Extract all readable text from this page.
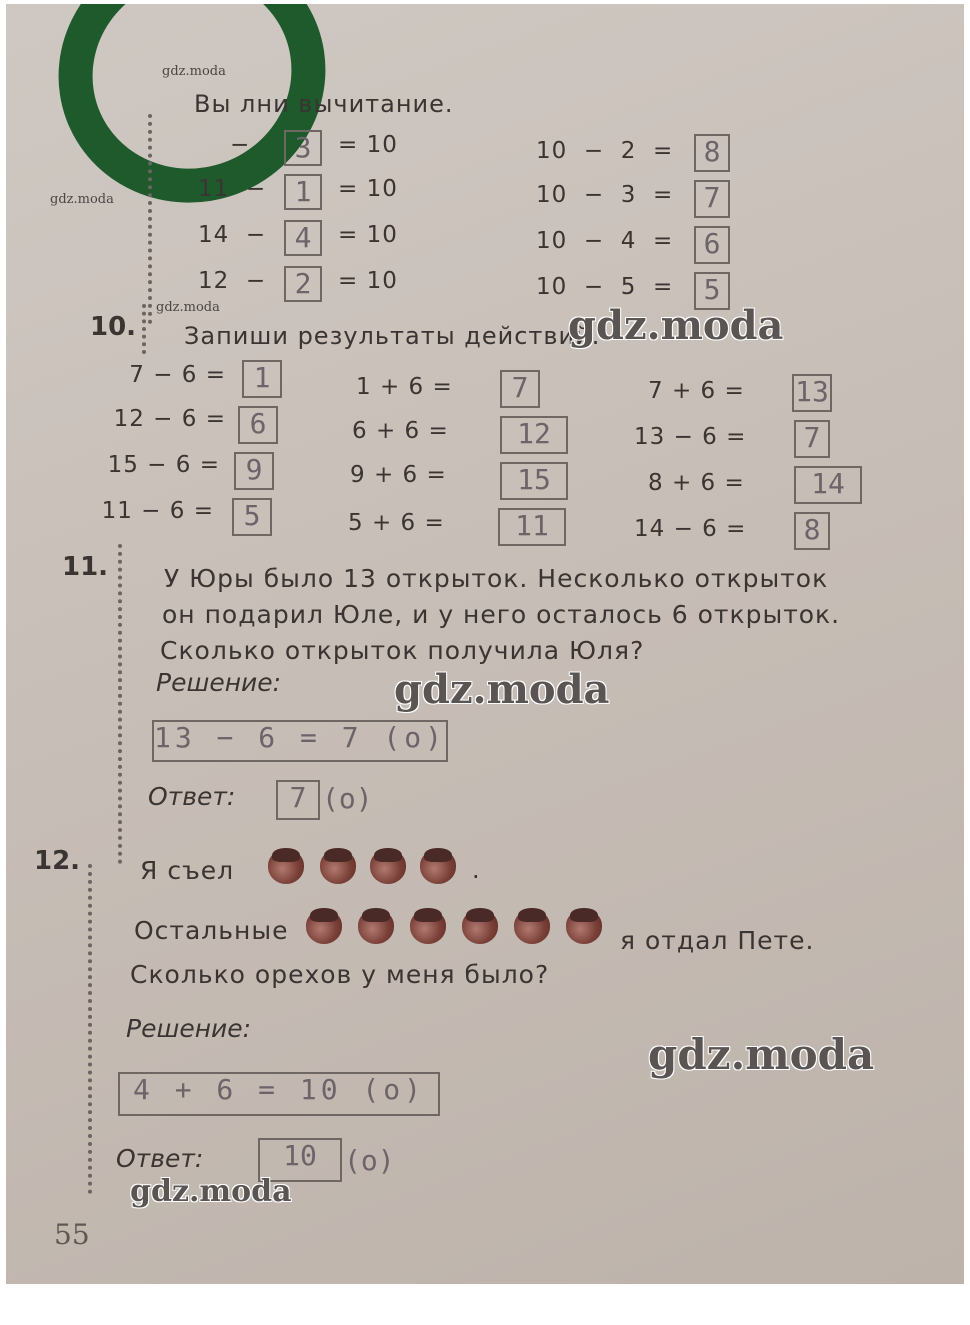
Вы лни вычитание.
−	3	= 10
11  −	1	= 10
14  −	4	= 10
12  −	2	= 10
10  −  2  =	8
10  −  3  =	7
10  −  4  =	6
10  −  5  =	5
10. Запиши результаты действий.
7 − 6 = 1
12 − 6 = 6
15 − 6 = 9
11 − 6 =	5
1 + 6 =	7
6 + 6 =	12
9 + 6 =	15
5 + 6 =	11
7 + 6 = 13
13 − 6 =	7
8 + 6 =	14
14 − 6 =	8
11. У Юры было 13 открыток. Несколько открыток
он подарил Юле, и у него осталось 6 открыток.
Сколько открыток получила Юля?
Решение:
13 − 6 = 7 (о)
Ответ:	7 (о)
12. Я съел	.
Остальные	я отдал Пете.
Сколько орехов у меня было?
Решение:
4 + 6 = 10 (о)
Ответ:	10 (о)
55
gdz.moda
gdz.moda
gdz.moda	gdz.moda
gdz.moda
gdz.moda
gdz.moda
